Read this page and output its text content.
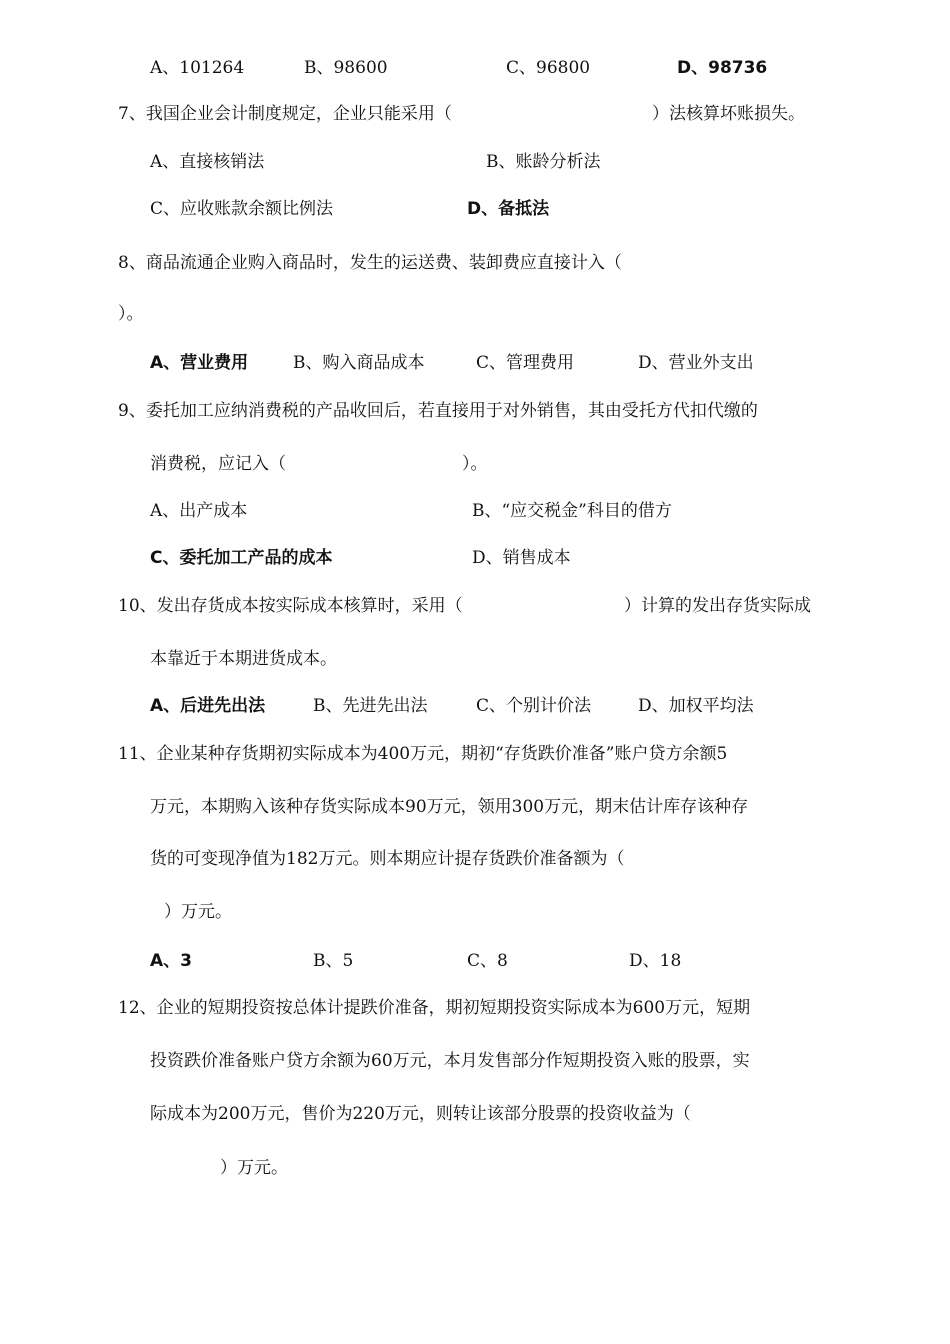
A、101264	B、98600	C、96800	D、98736
7、我国企业会计制度规定，企业只能采用（	）法核算坏账损失。
A、直接核销法	B、账龄分析法
C、应收账款余额比例法	D、备抵法
8、商品流通企业购入商品时，发生的运送费、装卸费应直接计入（
）。
A、营业费用	B、购入商品成本	C、管理费用	D、营业外支出
9、委托加工应纳消费税的产品收回后，若直接用于对外销售，其由受托方代扣代缴的
消费税，应记入（	）。
A、出产成本	B、“应交税金”科目的借方
C、委托加工产品的成本	D、销售成本
10、发出存货成本按实际成本核算时，采用（	）计算的发出存货实际成
本靠近于本期进货成本。
A、后进先出法	B、先进先出法	C、个别计价法	D、加权平均法
11、企业某种存货期初实际成本为400万元，期初“存货跌价准备”账户贷方余额5
万元，本期购入该种存货实际成本90万元，领用300万元，期末估计库存该种存
货的可变现净值为182万元。则本期应计提存货跌价准备额为（
）万元。
A、3	B、5	C、8	D、18
12、企业的短期投资按总体计提跌价准备，期初短期投资实际成本为600万元，短期
投资跌价准备账户贷方余额为60万元，本月发售部分作短期投资入账的股票，实
际成本为200万元，售价为220万元，则转让该部分股票的投资收益为（
）万元。
